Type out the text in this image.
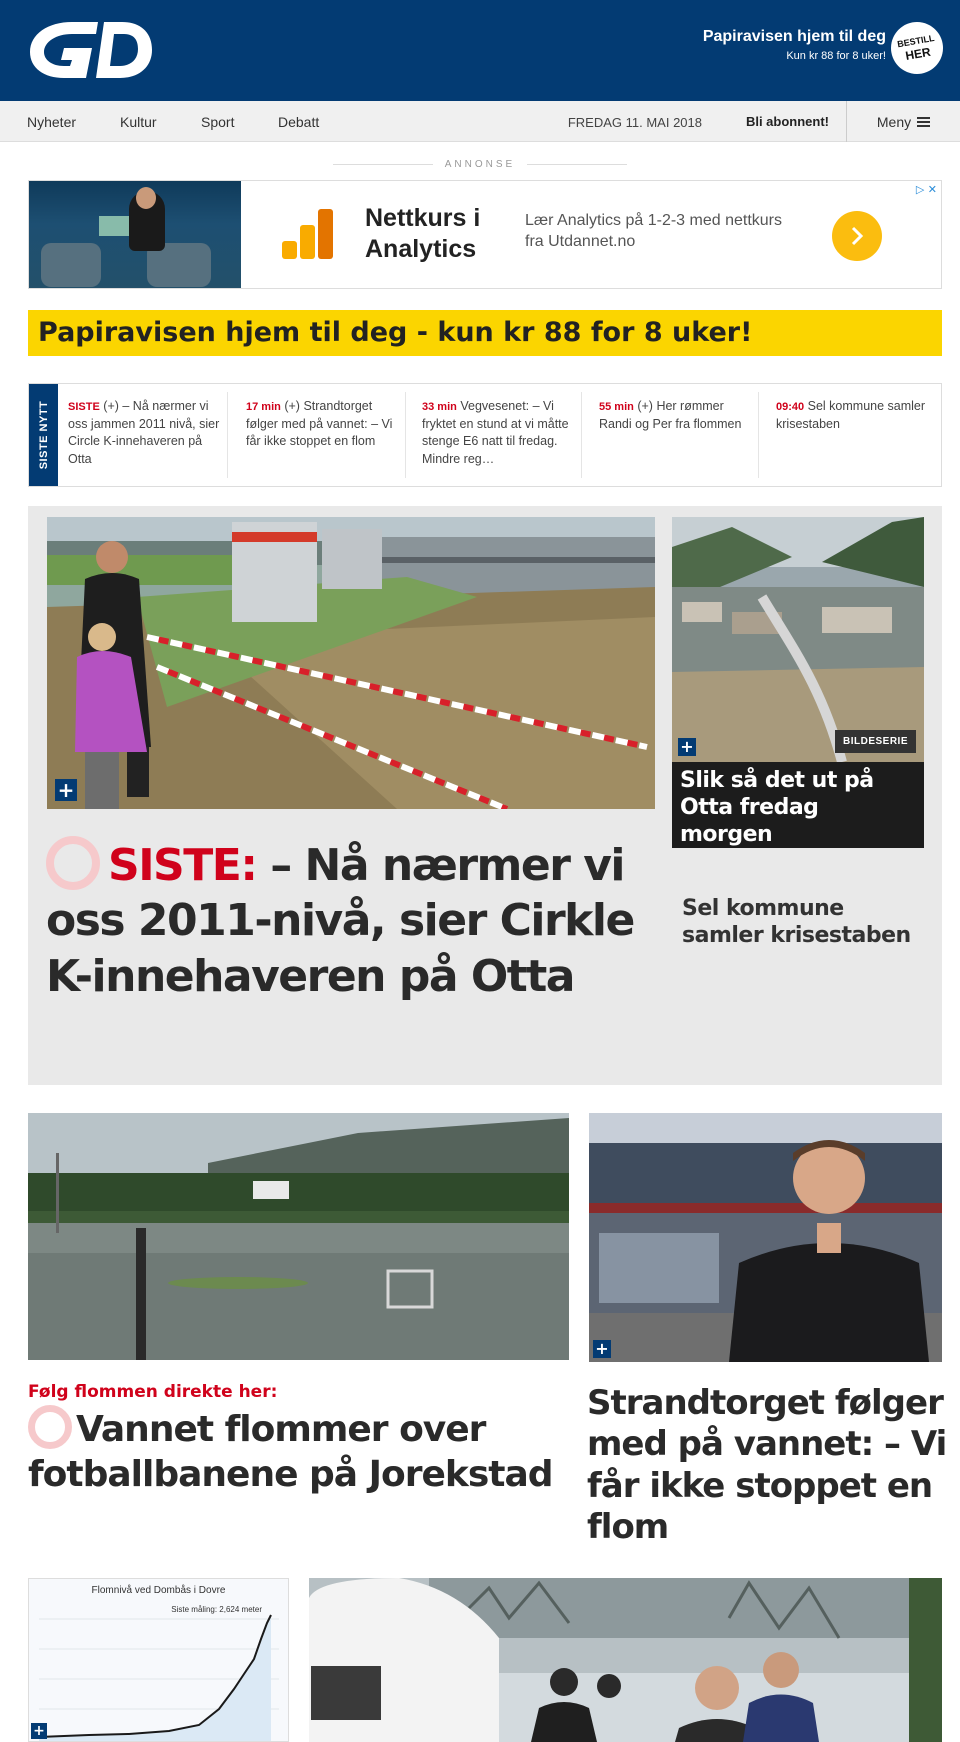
Papiravisen hjem til deg
Kun kr 88 for 8 uker!
BESTILL
HER
Nyheter	Kultur	Sport	Debatt	FREDAG 11. MAI 2018	Bli abonnent!	Meny
ANNONSE
Nettkurs i
Analytics
Lær Analytics på 1-2-3 med nettkurs fra Utdannet.no
▷ ✕
Papiravisen hjem til deg - kun kr 88 for 8 uker!
SISTE NYTT SISTE (+) – Nå nærmer vi oss jammen 2011 nivå, sier Circle K-innehaveren på Otta
17 min (+) Strandtorget følger med på vannet: – Vi får ikke stoppet en flom
33 min Vegvesenet: – Vi fryktet en stund at vi måtte stenge E6 natt til fredag. Mindre reg…
55 min (+) Her rømmer Randi og Per fra flommen
09:40 Sel kommune samler krisestaben
+
+	BILDESERIE
Slik så det ut på Otta fredag morgen
Sel kommune samler krisestaben
SISTE: – Nå nærmer vi oss 2011-nivå, sier Cirkle K-innehaveren på Otta
Følg flommen direkte her:
Vannet flommer over fotballbanene på Jorekstad
+
Strandtorget følger med på vannet: – Vi får ikke stoppet en flom
Flomnivå ved Dombås i Dovre
Siste måling: 2,624 meter
+
